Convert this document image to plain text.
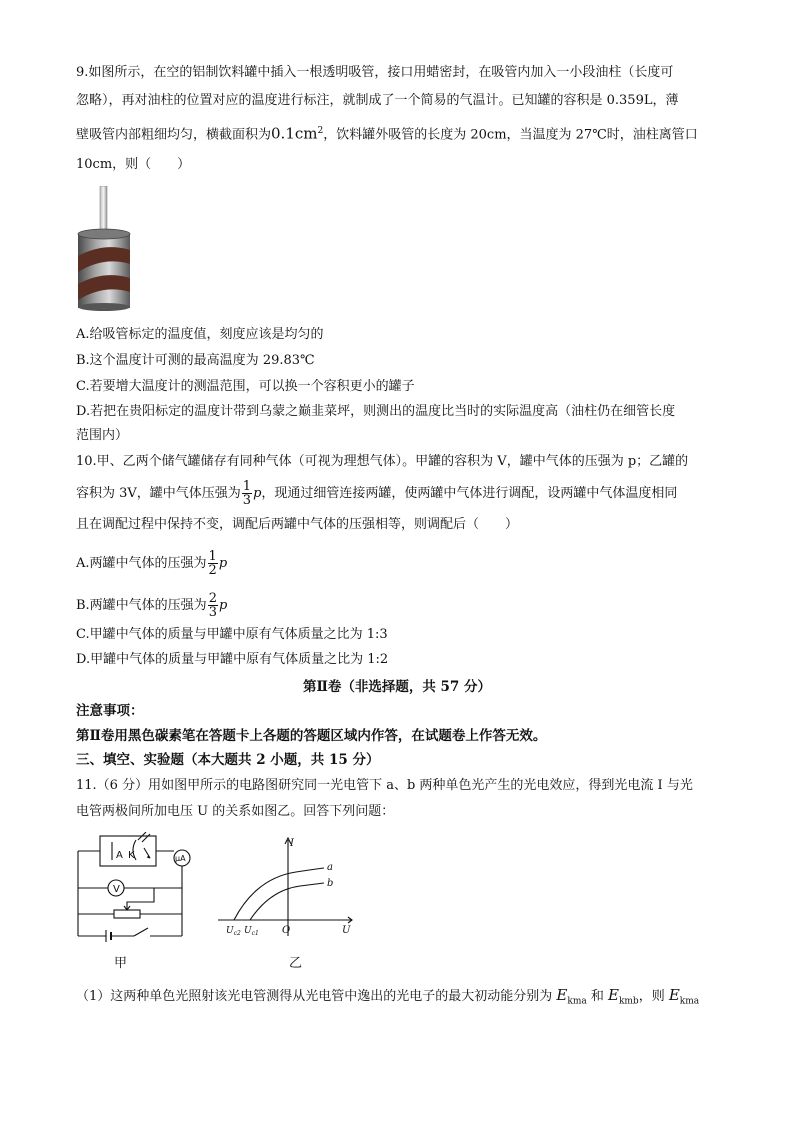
9.如图所示，在空的铝制饮料罐中插入一根透明吸管，接口用蜡密封，在吸管内加入一小段油柱（长度可
忽略），再对油柱的位置对应的温度进行标注，就制成了一个简易的气温计。已知罐的容积是 0.359L，薄
壁吸管内部粗细均匀，横截面积为$0.1cm^2$，饮料罐外吸管的长度为 20cm，当温度为 27℃时，油柱离管口
10cm，则（　　）
A.给吸管标定的温度值，刻度应该是均匀的
B.这个温度计可测的最高温度为 29.83℃
C.若要增大温度计的测温范围，可以换一个容积更小的罐子
D.若把在贵阳标定的温度计带到乌蒙之巅韭菜坪，则测出的温度比当时的实际温度高（油柱仍在细管长度
范围内）
10.甲、乙两个储气罐储存有同种气体（可视为理想气体）。甲罐的容积为 V，罐中气体的压强为 p；乙罐的
容积为 3V，罐中气体压强为 $\frac{1}{3}$ p，现通过细管连接两罐，使两罐中气体进行调配，设两罐中气体温度相同
且在调配过程中保持不变，调配后两罐中气体的压强相等，则调配后（　　）
A.两罐中气体的压强为 $\frac{1}{2}$ p
B.两罐中气体的压强为 $\frac{2}{3}$ p
C.甲罐中气体的质量与甲罐中原有气体质量之比为 1:3
D.甲罐中气体的质量与甲罐中原有气体质量之比为 1:2
第Ⅱ卷（非选择题，共 57 分）
注意事项：
第Ⅱ卷用黑色碳素笔在答题卡上各题的答题区域内作答，在试题卷上作答无效。
三、填空、实验题（本大题共 2 小题，共 15 分）
11.（6 分）用如图甲所示的电路图研究同一光电管下 a、b 两种单色光产生的光电效应，得到光电流 I 与光
电管两极间所加电压 U 的关系如图乙。回答下列问题：
A K	μA
V
I
U
O
a
b
$U_{c2}$ $U_{c1}$
甲	乙
（1）这两种单色光照射该光电管测得从光电管中逸出的光电子的最大初动能分别为 $E_{kma}$ 和 $E_{kmb}$，则 $E_{kma}$
